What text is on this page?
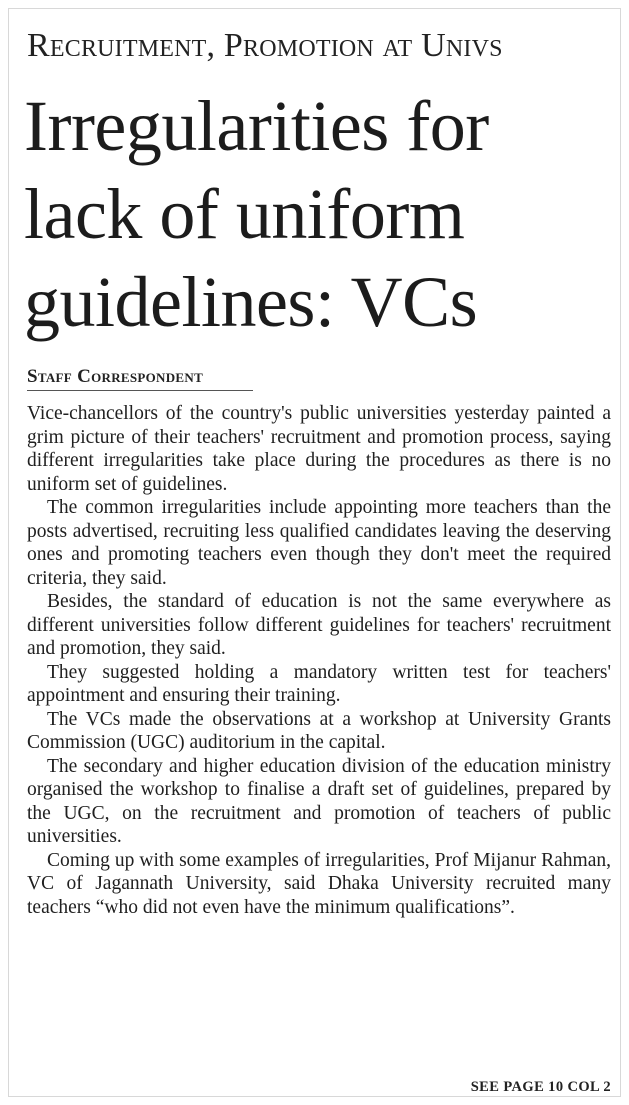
Recruitment, Promotion at Univs
Irregularities for
lack of uniform
guidelines: VCs
Staff Correspondent

Vice-chancellors of the country's public universities yesterday painted a grim picture of their teachers' recruitment and promotion process, saying different irregularities take place during the procedures as there is no uniform set of guidelines.

The common irregularities include appointing more teachers than the posts advertised, recruiting less qualified candidates leaving the deserving ones and promoting teachers even though they don't meet the required criteria, they said.

Besides, the standard of education is not the same everywhere as different universities follow different guidelines for teachers' recruitment and promotion, they said.

They suggested holding a mandatory written test for teachers' appointment and ensuring their training.

The VCs made the observations at a workshop at University Grants Commission (UGC) auditorium in the capital.

The secondary and higher education division of the education ministry organised the workshop to finalise a draft set of guidelines, prepared by the UGC, on the recruitment and promotion of teachers of public universities.

Coming up with some examples of irregularities, Prof Mijanur Rahman, VC of Jagannath University, said Dhaka University recruited many teachers “who did not even have the minimum qualifications”.

SEE PAGE 10 COL 2
